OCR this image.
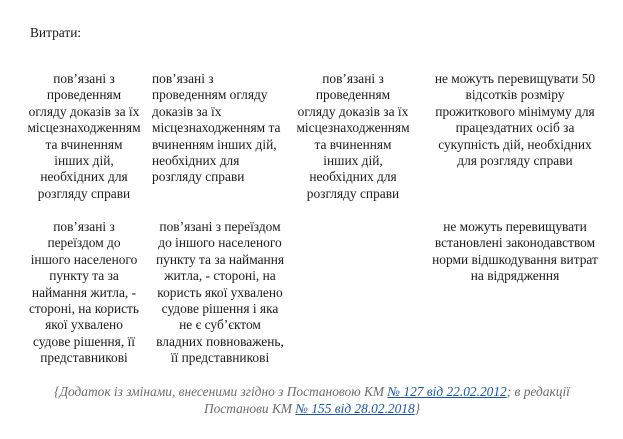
Витрати:
пов’язані з
проведенням
огляду доказів за їх
місцезнаходженням
та вчиненням
інших дій,
необхідних для
розгляду справи
пов’язані з
проведенням огляду
доказів за їх
місцезнаходженням та
вчиненням інших дій,
необхідних для
розгляду справи
пов’язані з
проведенням
огляду доказів за їх
місцезнаходженням
та вчиненням
інших дій,
необхідних для
розгляду справи
не можуть перевищувати 50
відсотків розміру
прожиткового мінімуму для
працездатних осіб за
сукупність дій, необхідних
для розгляду справи
пов’язані з
переїздом до
іншого населеного
пункту та за
наймання житла, -
стороні, на користь
якої ухвалено
судове рішення, її
представникові
пов’язані з переїздом
до іншого населеного
пункту та за наймання
житла, - стороні, на
користь якої ухвалено
судове рішення і яка
не є суб’єктом
владних повноважень,
її представникові
не можуть перевищувати
встановлені законодавством
норми відшкодування витрат
на відрядження
{Додаток із змінами, внесеними згідно з Постановою КМ № 127 від 22.02.2012; в редакції
Постанови КМ № 155 від 28.02.2018}
